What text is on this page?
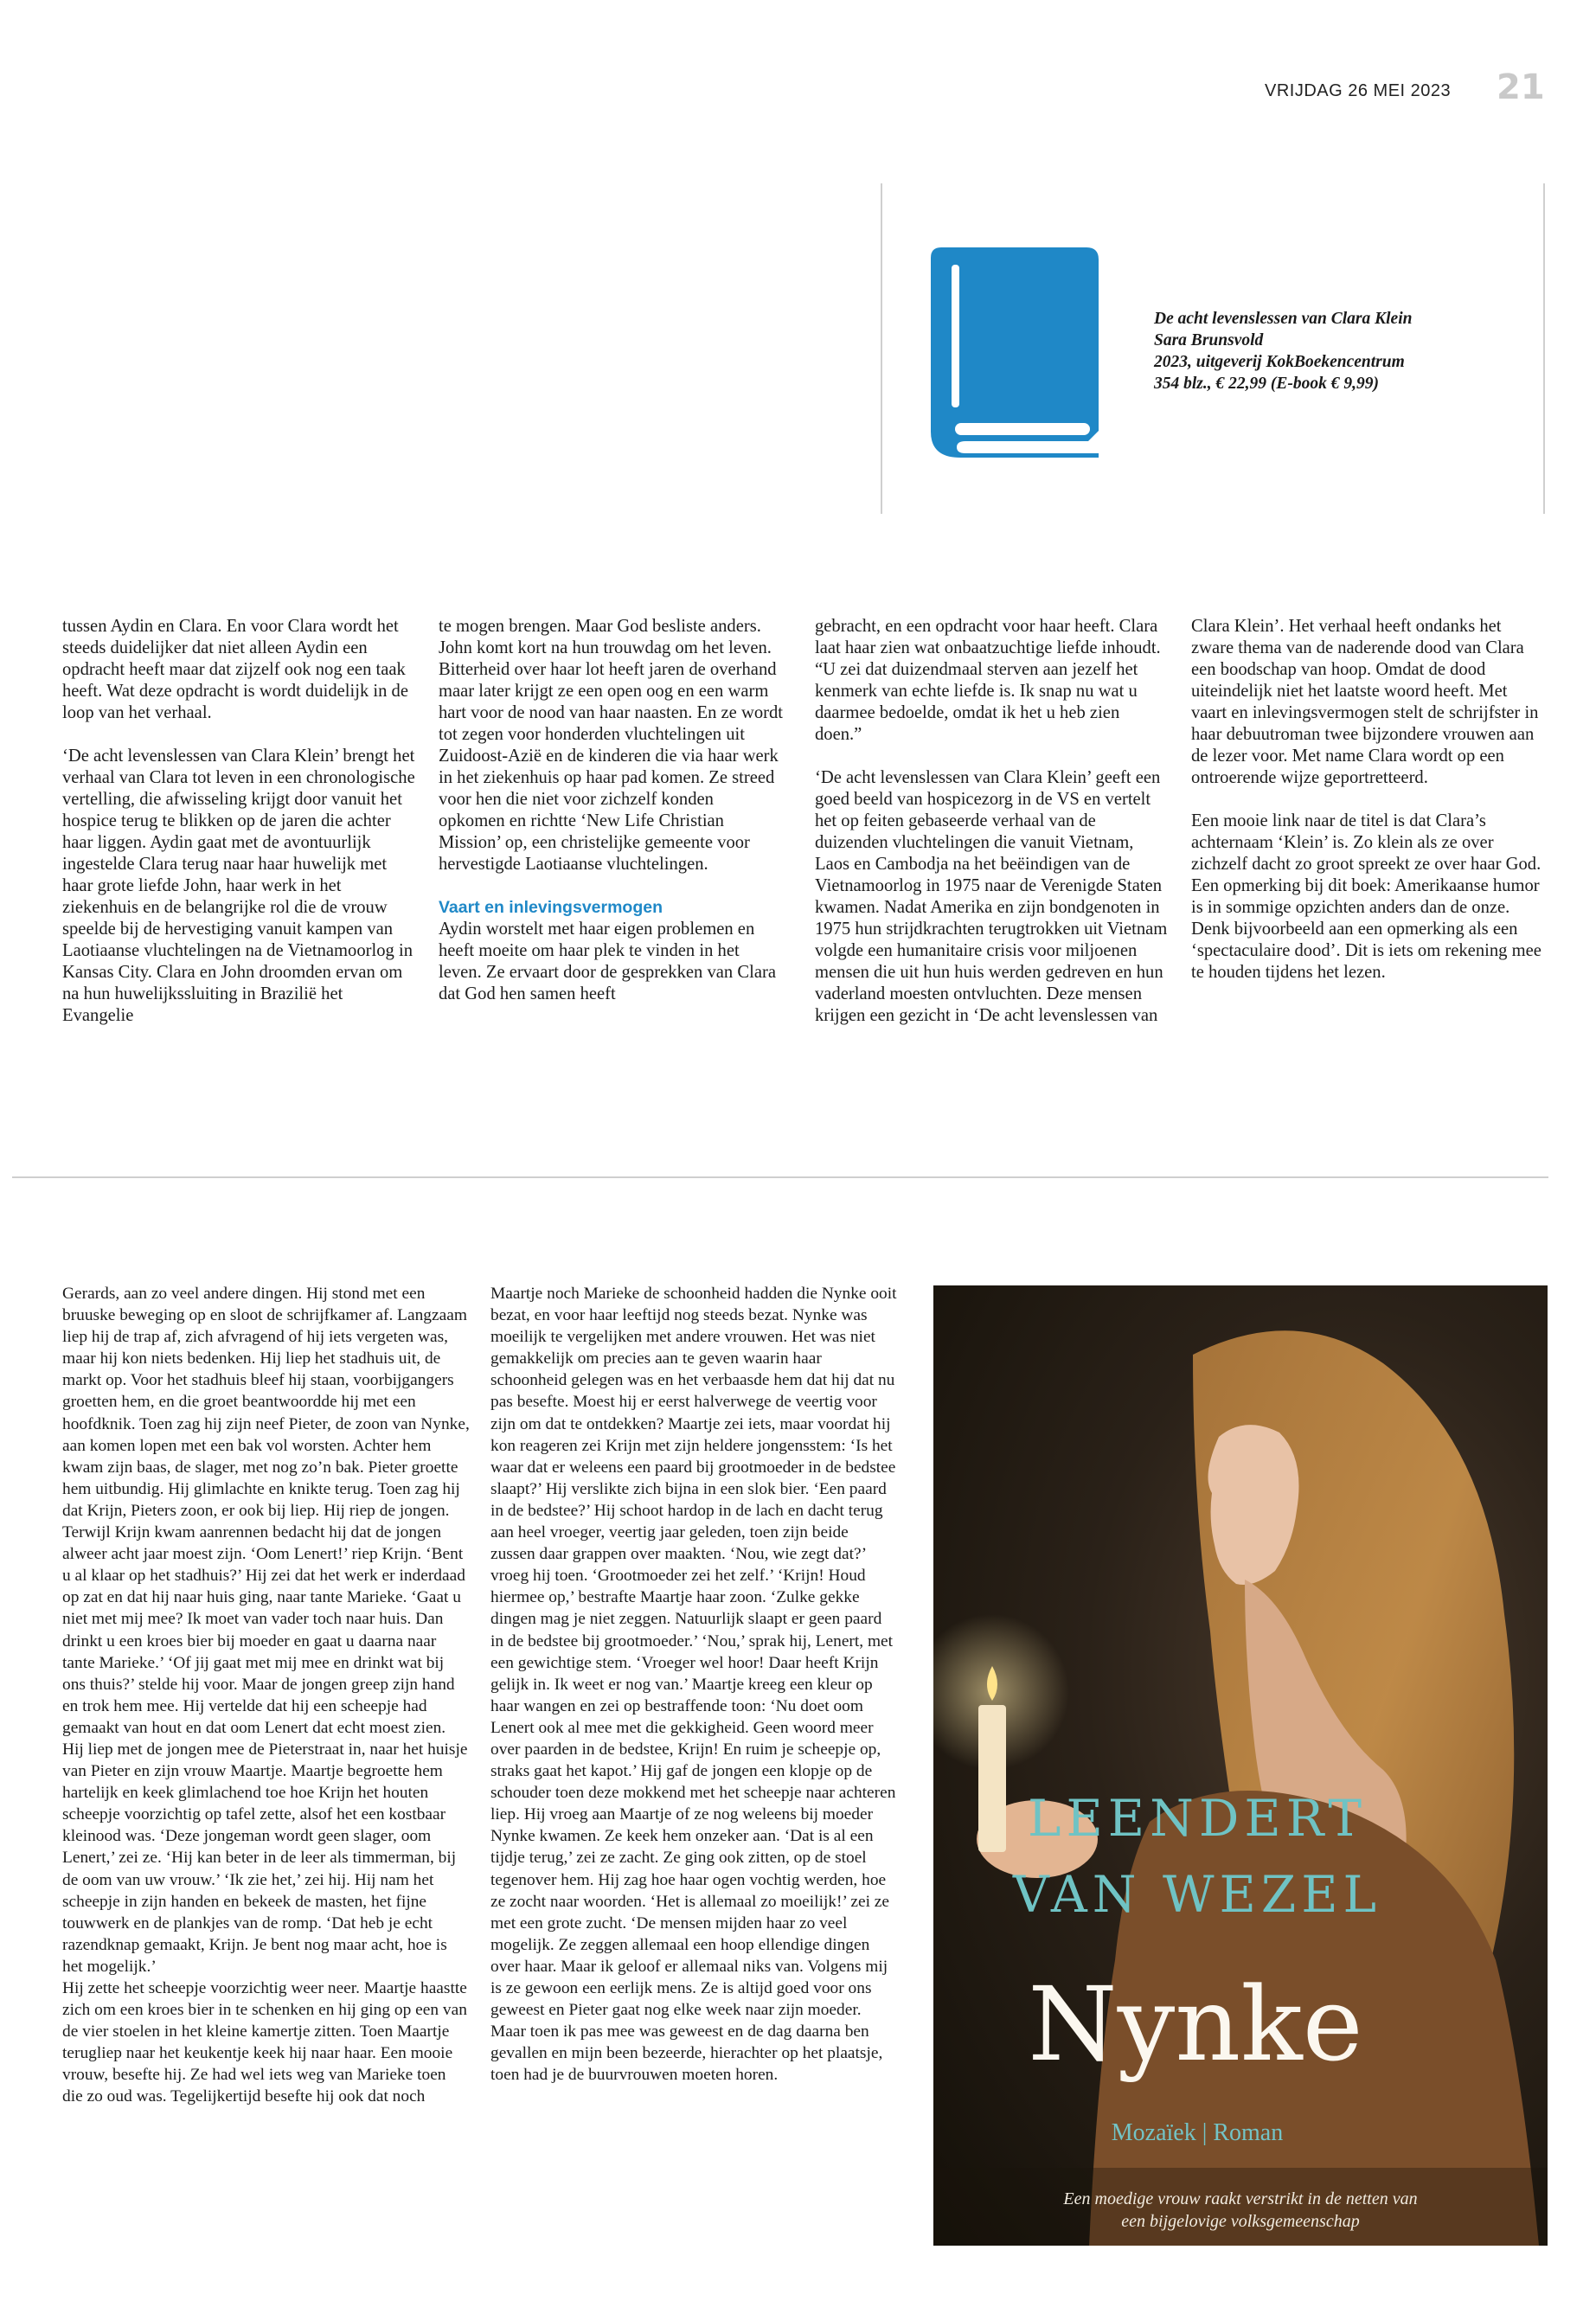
VRIJDAG 26 MEI 2023 21
De acht levenslessen van Clara Klein
Sara Brunsvold
2023, uitgeverij KokBoekencentrum
354 blz., € 22,99 (E-book € 9,99)

tussen Aydin en Clara. En voor Clara wordt het steeds duidelijker dat niet alleen Aydin een opdracht heeft maar dat zijzelf ook nog een taak heeft. Wat deze opdracht is wordt duidelijk in de loop van het verhaal.

‘De acht levenslessen van Clara Klein’ brengt het verhaal van Clara tot leven in een chronologische vertelling, die afwisseling krijgt door vanuit het hospice terug te blikken op de jaren die achter haar liggen. Aydin gaat met de avontuurlijk ingestelde Clara terug naar haar huwelijk met haar grote liefde John, haar werk in het ziekenhuis en de belangrijke rol die de vrouw speelde bij de hervestiging vanuit kampen van Laotiaanse vluchtelingen na de Vietnamoorlog in Kansas City. Clara en John droomden ervan om na hun huwelijkssluiting in Brazilië het Evangelie

te mogen brengen. Maar God besliste anders. John komt kort na hun trouwdag om het leven. Bitterheid over haar lot heeft jaren de overhand maar later krijgt ze een open oog en een warm hart voor de nood van haar naasten. En ze wordt tot zegen voor honderden vluchtelingen uit Zuidoost-Azië en de kinderen die via haar werk in het ziekenhuis op haar pad komen. Ze streed voor hen die niet voor zichzelf konden opkomen en richtte ‘New Life Christian Mission’ op, een christelijke gemeente voor hervestigde Laotiaanse vluchtelingen.

Vaart en inlevingsvermogen

Aydin worstelt met haar eigen problemen en heeft moeite om haar plek te vinden in het leven. Ze ervaart door de gesprekken van Clara dat God hen samen heeft

gebracht, en een opdracht voor haar heeft. Clara laat haar zien wat onbaatzuchtige liefde inhoudt. “U zei dat duizendmaal sterven aan jezelf het kenmerk van echte liefde is. Ik snap nu wat u daarmee bedoelde, omdat ik het u heb zien doen.”

‘De acht levenslessen van Clara Klein’ geeft een goed beeld van hospicezorg in de VS en vertelt het op feiten gebaseerde verhaal van de duizenden vluchtelingen die vanuit Vietnam, Laos en Cambodja na het beëindigen van de Vietnamoorlog in 1975 naar de Verenigde Staten kwamen. Nadat Amerika en zijn bondgenoten in 1975 hun strijdkrachten terugtrokken uit Vietnam volgde een humanitaire crisis voor miljoenen mensen die uit hun huis werden gedreven en hun vaderland moesten ontvluchten. Deze mensen krijgen een gezicht in ‘De acht levenslessen van

Clara Klein’. Het verhaal heeft ondanks het zware thema van de naderende dood van Clara een boodschap van hoop. Omdat de dood uiteindelijk niet het laatste woord heeft. Met vaart en inlevingsvermogen stelt de schrijfster in haar debuutroman twee bijzondere vrouwen aan de lezer voor. Met name Clara wordt op een ontroerende wijze geportretteerd.

Een mooie link naar de titel is dat Clara’s achternaam ‘Klein’ is. Zo klein als ze over zichzelf dacht zo groot spreekt ze over haar God. Een opmerking bij dit boek: Amerikaanse humor is in sommige opzichten anders dan de onze. Denk bijvoorbeeld aan een opmerking als een ‘spectaculaire dood’. Dit is iets om rekening mee te houden tijdens het lezen.

Gerards, aan zo veel andere dingen. Hij stond met een bruuske beweging op en sloot de schrijfkamer af. Langzaam liep hij de trap af, zich afvragend of hij iets vergeten was, maar hij kon niets bedenken. Hij liep het stadhuis uit, de markt op. Voor het stadhuis bleef hij staan, voorbijgangers groetten hem, en die groet beantwoordde hij met een hoofdknik. Toen zag hij zijn neef Pieter, de zoon van Nynke, aan komen lopen met een bak vol worsten. Achter hem kwam zijn baas, de slager, met nog zo’n bak. Pieter groette hem uitbundig. Hij glimlachte en knikte terug. Toen zag hij dat Krijn, Pieters zoon, er ook bij liep. Hij riep de jongen. Terwijl Krijn kwam aanrennen bedacht hij dat de jongen alweer acht jaar moest zijn. ‘Oom Lenert!’ riep Krijn. ‘Bent u al klaar op het stadhuis?’ Hij zei dat het werk er inderdaad op zat en dat hij naar huis ging, naar tante Marieke. ‘Gaat u niet met mij mee? Ik moet van vader toch naar huis. Dan drinkt u een kroes bier bij moeder en gaat u daarna naar tante Marieke.’ ‘Of jij gaat met mij mee en drinkt wat bij ons thuis?’ stelde hij voor. Maar de jongen greep zijn hand en trok hem mee. Hij vertelde dat hij een scheepje had gemaakt van hout en dat oom Lenert dat echt moest zien.

Hij liep met de jongen mee de Pieterstraat in, naar het huisje van Pieter en zijn vrouw Maartje. Maartje begroette hem hartelijk en keek glimlachend toe hoe Krijn het houten scheepje voorzichtig op tafel zette, alsof het een kostbaar kleinood was. ‘Deze jongeman wordt geen slager, oom Lenert,’ zei ze. ‘Hij kan beter in de leer als timmerman, bij de oom van uw vrouw.’ ‘Ik zie het,’ zei hij. Hij nam het scheepje in zijn handen en bekeek de masten, het fijne touwwerk en de plankjes van de romp. ‘Dat heb je echt razendknap gemaakt, Krijn. Je bent nog maar acht, hoe is het mogelijk.’

Hij zette het scheepje voorzichtig weer neer. Maartje haastte zich om een kroes bier in te schenken en hij ging op een van de vier stoelen in het kleine kamertje zitten. Toen Maartje terugliep naar het keukentje keek hij naar haar. Een mooie vrouw, besefte hij. Ze had wel iets weg van Marieke toen die zo oud was. Tegelijkertijd besefte hij ook dat noch

Maartje noch Marieke de schoonheid hadden die Nynke ooit bezat, en voor haar leeftijd nog steeds bezat. Nynke was moeilijk te vergelijken met andere vrouwen. Het was niet gemakkelijk om precies aan te geven waarin haar schoonheid gelegen was en het verbaasde hem dat hij dat nu pas besefte. Moest hij er eerst halverwege de veertig voor zijn om dat te ontdekken? Maartje zei iets, maar voordat hij kon reageren zei Krijn met zijn heldere jongensstem: ‘Is het waar dat er weleens een paard bij grootmoeder in de bedstee slaapt?’ Hij verslikte zich bijna in een slok bier. ‘Een paard in de bedstee?’ Hij schoot hardop in de lach en dacht terug aan heel vroeger, veertig jaar geleden, toen zijn beide zussen daar grappen over maakten. ‘Nou, wie zegt dat?’ vroeg hij toen. ‘Grootmoeder zei het zelf.’ ‘Krijn! Houd hiermee op,’ bestrafte Maartje haar zoon. ‘Zulke gekke dingen mag je niet zeggen. Natuurlijk slaapt er geen paard in de bedstee bij grootmoeder.’ ‘Nou,’ sprak hij, Lenert, met een gewichtige stem. ‘Vroeger wel hoor! Daar heeft Krijn gelijk in. Ik weet er nog van.’ Maartje kreeg een kleur op haar wangen en zei op bestraffende toon: ‘Nu doet oom Lenert ook al mee met die gekkigheid. Geen woord meer over paarden in de bedstee, Krijn! En ruim je scheepje op, straks gaat het kapot.’ Hij gaf de jongen een klopje op de schouder toen deze mokkend met het scheepje naar achteren liep. Hij vroeg aan Maartje of ze nog weleens bij moeder Nynke kwamen. Ze keek hem onzeker aan. ‘Dat is al een tijdje terug,’ zei ze zacht. Ze ging ook zitten, op de stoel tegenover hem. Hij zag hoe haar ogen vochtig werden, hoe ze zocht naar woorden. ‘Het is allemaal zo moeilijk!’ zei ze met een grote zucht. ‘De mensen mijden haar zo veel mogelijk. Ze zeggen allemaal een hoop ellendige dingen over haar. Maar ik geloof er allemaal niks van. Volgens mij is ze gewoon een eerlijk mens. Ze is altijd goed voor ons geweest en Pieter gaat nog elke week naar zijn moeder. Maar toen ik pas mee was geweest en de dag daarna ben gevallen en mijn been bezeerde, hierachter op het plaatsje, toen had je de buurvrouwen moeten horen.

LEENDERT
VAN WEZEL
Nynke
Mozaïek | Roman
Een moedige vrouw raakt verstrikt in de netten van
een bijgelovige volksgemeenschap
